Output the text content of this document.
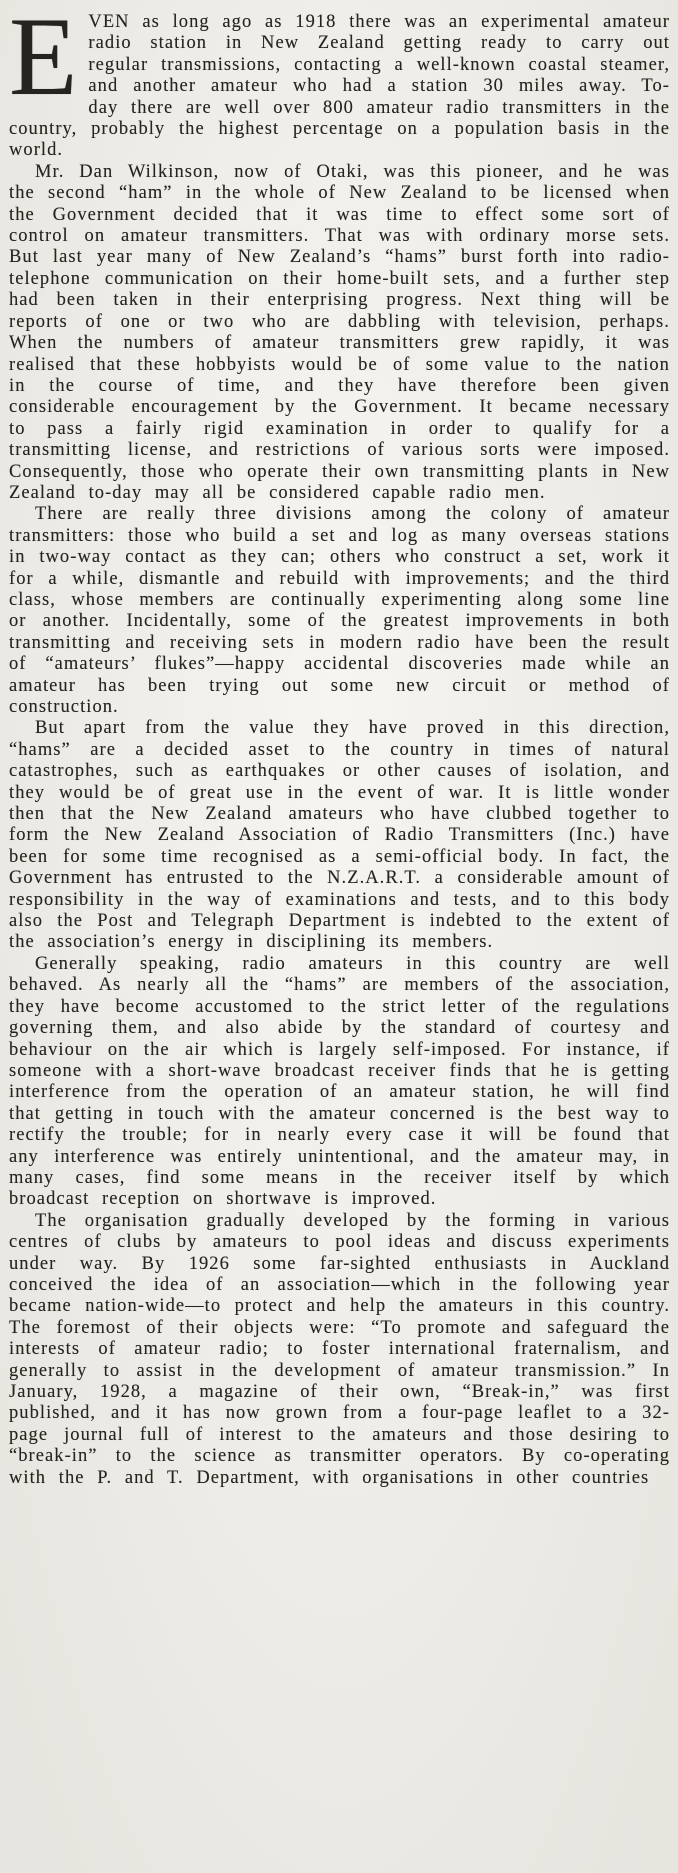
EVEN as long ago as 1918 there was an experimental amateur radio station in New Zealand getting ready to carry out regular transmissions, contacting a well-known coastal steamer, and another amateur who had a station 30 miles away. To-day there are well over 800 amateur radio transmitters in the country, probably the highest percentage on a population basis in the world.

Mr. Dan Wilkinson, now of Otaki, was this pioneer, and he was the second “ham” in the whole of New Zealand to be licensed when the Government decided that it was time to effect some sort of control on amateur transmitters. That was with ordinary morse sets. But last year many of New Zealand’s “hams” burst forth into radio-telephone communication on their home-built sets, and a further step had been taken in their enterprising progress. Next thing will be reports of one or two who are dabbling with television, perhaps. When the numbers of amateur transmitters grew rapidly, it was realised that these hobbyists would be of some value to the nation in the course of time, and they have therefore been given considerable encouragement by the Government. It became necessary to pass a fairly rigid examination in order to qualify for a transmitting license, and restrictions of various sorts were imposed. Consequently, those who operate their own transmitting plants in New Zealand to-day may all be considered capable radio men.

There are really three divisions among the colony of amateur transmitters: those who build a set and log as many overseas stations in two-way contact as they can; others who construct a set, work it for a while, dismantle and rebuild with improvements; and the third class, whose members are continually experimenting along some line or another. Incidentally, some of the greatest improvements in both transmitting and receiving sets in modern radio have been the result of “amateurs’ flukes”—happy accidental discoveries made while an amateur has been trying out some new circuit or method of construction.

But apart from the value they have proved in this direction, “hams” are a decided asset to the country in times of natural catastrophes, such as earthquakes or other causes of isolation, and they would be of great use in the event of war. It is little wonder then that the New Zealand amateurs who have clubbed together to form the New Zealand Association of Radio Transmitters (Inc.) have been for some time recognised as a semi-official body. In fact, the Government has entrusted to the N.Z.A.R.T. a considerable amount of responsibility in the way of examinations and tests, and to this body also the Post and Telegraph Department is indebted to the extent of the association’s energy in disciplining its members.

Generally speaking, radio amateurs in this country are well behaved. As nearly all the “hams” are members of the association, they have become accustomed to the strict letter of the regulations governing them, and also abide by the standard of courtesy and behaviour on the air which is largely self-imposed. For instance, if someone with a short-wave broadcast receiver finds that he is getting interference from the operation of an amateur station, he will find that getting in touch with the amateur concerned is the best way to rectify the trouble; for in nearly every case it will be found that any interference was entirely unintentional, and the amateur may, in many cases, find some means in the receiver itself by which broadcast reception on shortwave is improved.

The organisation gradually developed by the forming in various centres of clubs by amateurs to pool ideas and discuss experiments under way. By 1926 some far-sighted enthusiasts in Auckland conceived the idea of an association—which in the following year became nation-wide—to protect and help the amateurs in this country. The foremost of their objects were: “To promote and safeguard the interests of amateur radio; to foster international fraternalism, and generally to assist in the development of amateur transmission.” In January, 1928, a magazine of their own, “Break-in,” was first published, and it has now grown from a four-page leaflet to a 32-page journal full of interest to the amateurs and those desiring to “break-in” to the science as transmitter operators. By co-operating with the P. and T. Department, with organisations in other countries
